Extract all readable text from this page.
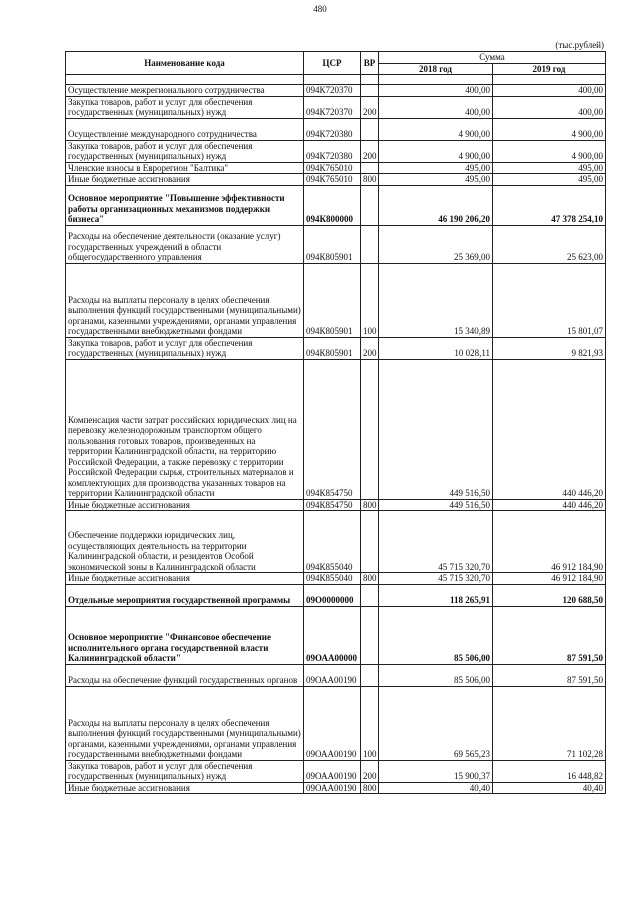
480
(тыс.рублей)
Наименование кода	ЦСР	ВР	Сумма	
			2018 год	2019 год

Осуществление межрегионального сотрудничества	094К720370		400,00	400,00
Закупка товаров, работ и услуг для обеспечения государственных (муниципальных) нужд	094К720370	200	400,00	400,00
Осуществление международного сотрудничества	094К720380		4 900,00	4 900,00
Закупка товаров, работ и услуг для обеспечения государственных (муниципальных) нужд	094К720380	200	4 900,00	4 900,00
Членские взносы в Еврорегион "Балтика"	094К765010		495,00	495,00
Иные бюджетные ассигнования	094К765010	800	495,00	495,00
Основное мероприятие "Повышение эффективности работы организационных механизмов поддержки бизнеса"	094К800000		46 190 206,20	47 378 254,10
Расходы на обеспечение деятельности (оказание услуг) государственных учреждений в области общегосударственного управления	094К805901		25 369,00	25 623,00
Расходы на выплаты персоналу в целях обеспечения выполнения функций государственными (муниципальными) органами, казенными учреждениями, органами управления государственными внебюджетными фондами	094К805901	100	15 340,89	15 801,07
Закупка товаров, работ и услуг для обеспечения государственных (муниципальных) нужд	094К805901	200	10 028,11	9 821,93
Компенсация части затрат российских юридических лиц на перевозку железнодорожным транспортом общего пользования готовых товаров, произведенных на территории Калининградской области, на территорию Российской Федерации, а также перевозку с территории Российской Федерации сырья, строительных материалов и комплектующих для производства указанных товаров на территории Калининградской области	094К854750		449 516,50	440 446,20
Иные бюджетные ассигнования	094К854750	800	449 516,50	440 446,20
Обеспечение поддержки юридических лиц, осуществляющих деятельность на территории Калининградской области, и резидентов Особой экономической зоны в Калининградской области	094К855040		45 715 320,70	46 912 184,90
Иные бюджетные ассигнования	094К855040	800	45 715 320,70	46 912 184,90
Отдельные мероприятия государственной программы	09О0000000		118 265,91	120 688,50
Основное мероприятие "Финансовое обеспечение исполнительного органа государственной власти Калининградской области"	09ОАА00000		85 506,00	87 591,50
Расходы на обеспечение функций государственных органов	09ОАА00190		85 506,00	87 591,50
Расходы на выплаты персоналу в целях обеспечения выполнения функций государственными (муниципальными) органами, казенными учреждениями, органами управления государственными внебюджетными фондами	09ОАА00190	100	69 565,23	71 102,28
Закупка товаров, работ и услуг для обеспечения государственных (муниципальных) нужд	09ОАА00190	200	15 900,37	16 448,82
Иные бюджетные ассигнования	09ОАА00190	800	40,40	40,40
